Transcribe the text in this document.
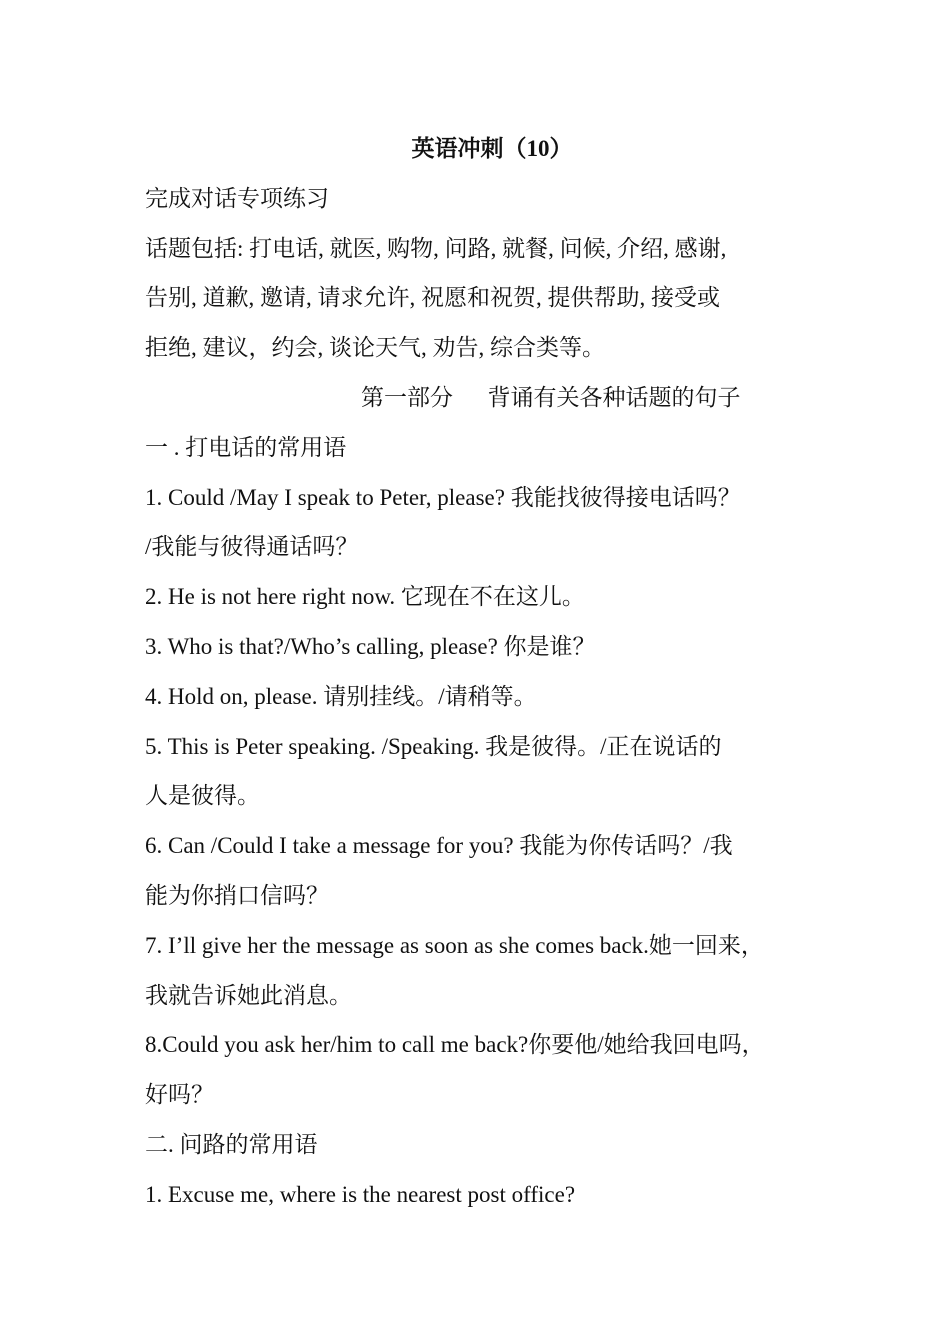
英语冲刺（10）
完成对话专项练习
话题包括: 打电话, 就医, 购物, 问路, 就餐, 问候, 介绍, 感谢,
告别, 道歉, 邀请, 请求允许, 祝愿和祝贺, 提供帮助, 接受或
拒绝, 建议，约会, 谈论天气, 劝告, 综合类等。
第一部分      背诵有关各种话题的句子
一 . 打电话的常用语
1. Could /May I speak to Peter, please? 我能找彼得接电话吗？
/我能与彼得通话吗？
2. He is not here right now. 它现在不在这儿。
3. Who is that?/Who’s calling, please? 你是谁？
4. Hold on, please. 请别挂线。/请稍等。
5. This is Peter speaking. /Speaking. 我是彼得。/正在说话的
人是彼得。
6. Can /Could I take a message for you? 我能为你传话吗？/我
能为你捎口信吗？
7. I’ll give her the message as soon as she comes back.她一回来，
我就告诉她此消息。
8.Could you ask her/him to call me back?你要他/她给我回电吗，
好吗？
二. 问路的常用语
1. Excuse me, where is the nearest post office?
